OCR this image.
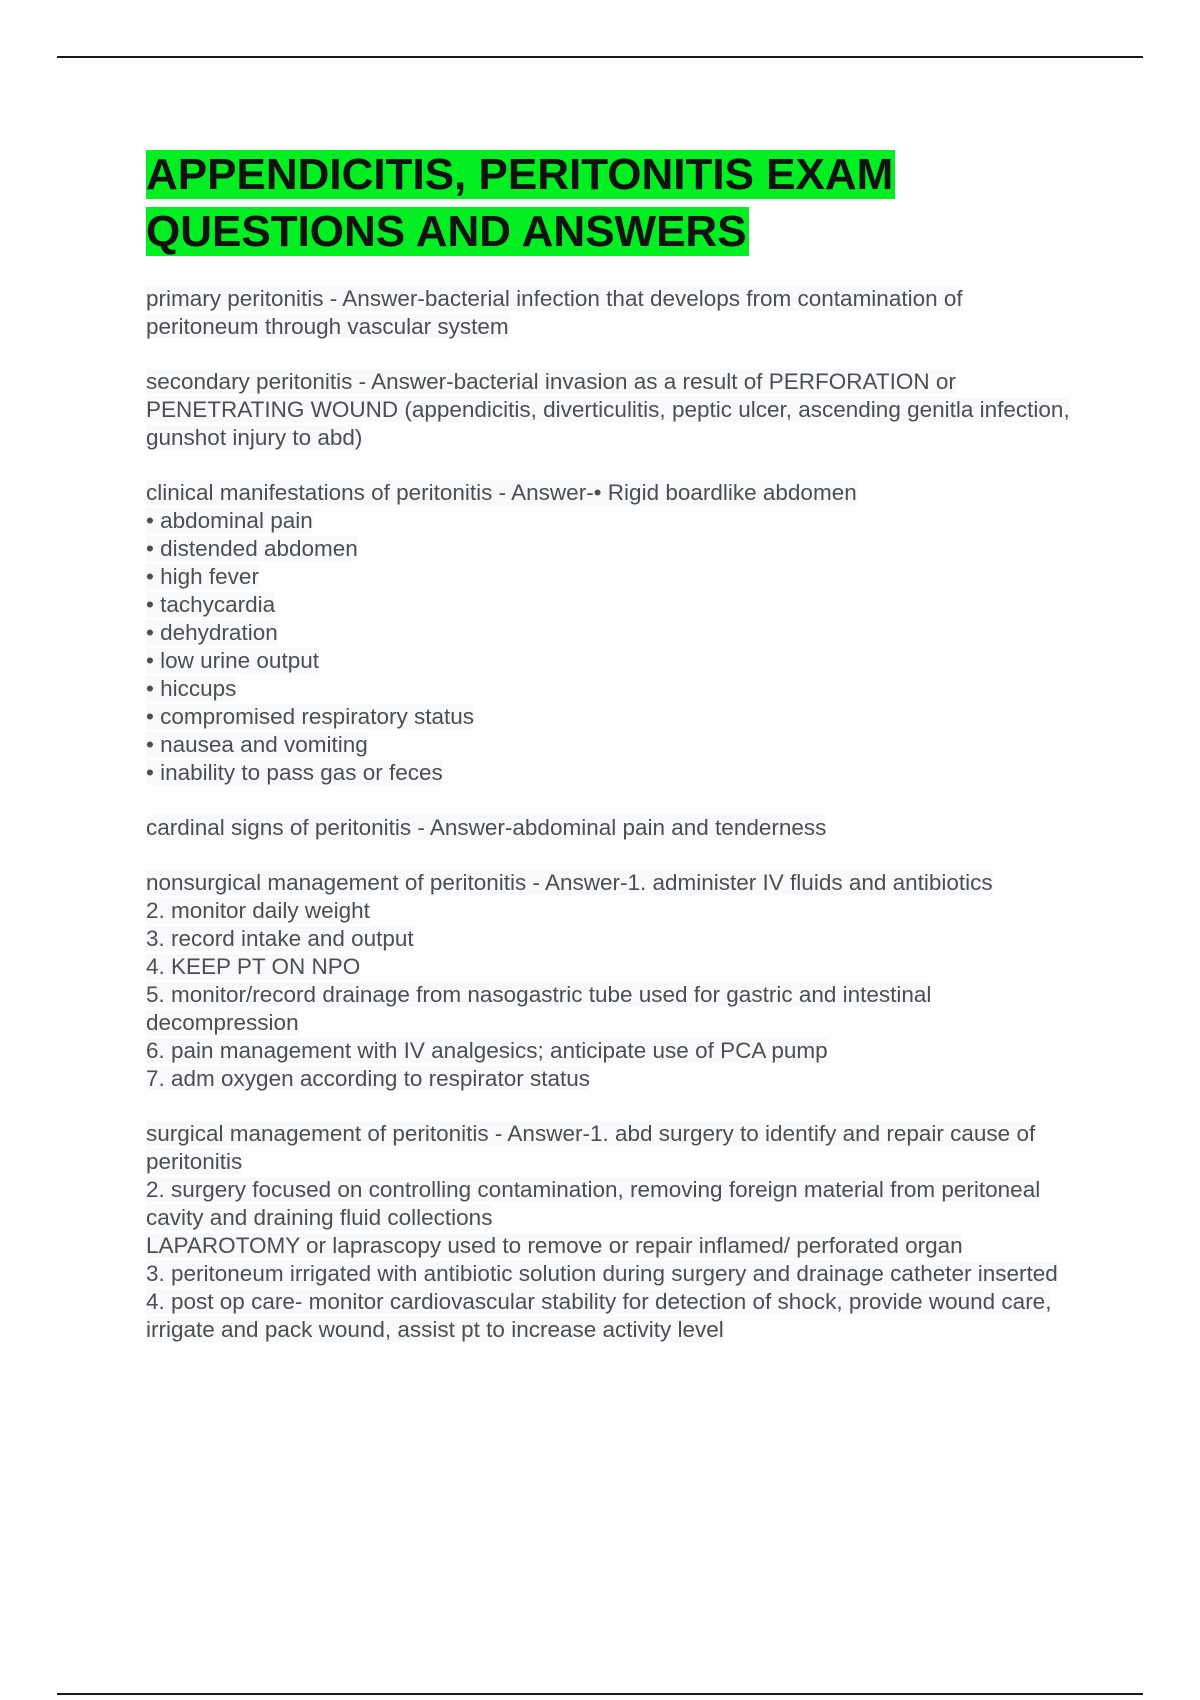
APPENDICITIS, PERITONITIS EXAM
QUESTIONS AND ANSWERS
primary peritonitis - Answer-bacterial infection that develops from contamination of peritoneum through vascular system
secondary peritonitis - Answer-bacterial invasion as a result of PERFORATION or PENETRATING WOUND (appendicitis, diverticulitis, peptic ulcer, ascending genitla infection, gunshot injury to abd)
clinical manifestations of peritonitis - Answer-• Rigid boardlike abdomen
• abdominal pain
• distended abdomen
• high fever
• tachycardia
• dehydration
• low urine output
• hiccups
• compromised respiratory status
• nausea and vomiting
• inability to pass gas or feces
cardinal signs of peritonitis - Answer-abdominal pain and tenderness
nonsurgical management of peritonitis - Answer-1. administer IV fluids and antibiotics
2. monitor daily weight
3. record intake and output
4. KEEP PT ON NPO
5. monitor/record drainage from nasogastric tube used for gastric and intestinal decompression
6. pain management with IV analgesics; anticipate use of PCA pump
7. adm oxygen according to respirator status
surgical management of peritonitis - Answer-1. abd surgery to identify and repair cause of peritonitis
2. surgery focused on controlling contamination, removing foreign material from peritoneal cavity and draining fluid collections
LAPAROTOMY or laprascopy used to remove or repair inflamed/ perforated organ
3. peritoneum irrigated with antibiotic solution during surgery and drainage catheter inserted
4. post op care- monitor cardiovascular stability for detection of shock, provide wound care, irrigate and pack wound, assist pt to increase activity level
